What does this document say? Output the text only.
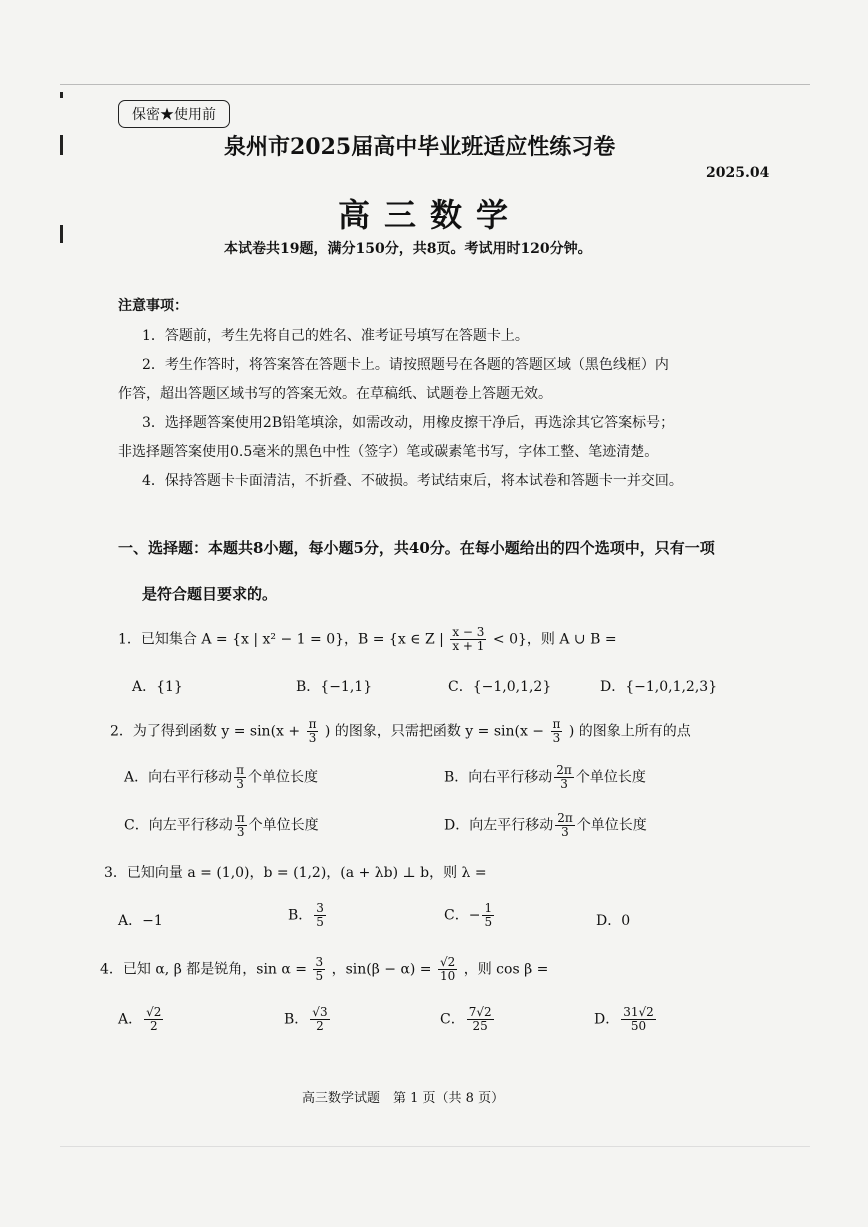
保密★使用前
泉州市2025届高中毕业班适应性练习卷
2025.04
高三数学
本试卷共19题，满分150分，共8页。考试用时120分钟。
注意事项：
1．答题前，考生先将自己的姓名、准考证号填写在答题卡上。
2．考生作答时，将答案答在答题卡上。请按照题号在各题的答题区域（黑色线框）内
作答，超出答题区域书写的答案无效。在草稿纸、试题卷上答题无效。
3．选择题答案使用2B铅笔填涂，如需改动，用橡皮擦干净后，再选涂其它答案标号；
非选择题答案使用0.5毫米的黑色中性（签字）笔或碳素笔书写，字体工整、笔迹清楚。
4．保持答题卡卡面清洁，不折叠、不破损。考试结束后，将本试卷和答题卡一并交回。
一、选择题：本题共8小题，每小题5分，共40分。在每小题给出的四个选项中，只有一项
是符合题目要求的。
1．已知集合 A = {x | x² − 1 = 0}，B = {x ∈ Z | $\frac{x - 3}{x + 1} < 0$}，则 A ∪ B =
A．{1}	B．{−1,1}	C．{−1,0,1,2}	D．{−1,0,1,2,3}
2．为了得到函数 $y = \sin(x + \frac{\pi}{3}$ ) 的图象，只需把函数 $y = \sin(x - \frac{\pi}{3}$ ) 的图象上所有的点
A．向右平行移动 $\frac{\pi}{3}$ 个单位长度	B．向右平行移动 $\frac{2\pi}{3}$ 个单位长度
C．向左平行移动 $\frac{\pi}{3}$ 个单位长度	D．向左平行移动 $\frac{2\pi}{3}$ 个单位长度
3．已知向量 a = (1,0)，b = (1,2)，(a + λb) ⊥ b，则 λ =
A．−1	B． $\frac{3}{5}$	C．− $\frac{1}{5}$	D．0
4．已知 α, β 都是锐角，$\sin \alpha = \frac{3}{5}$ ，$\sin(\beta - \alpha) = \frac{√2}{10}$ ，则 cos β =
A． $\frac{√2}{2}$	B． $\frac{√3}{2}$	C． $\frac{7√2}{25}$	D． $\frac{31√2}{50}$
高三数学试题　第 1 页（共 8 页）
